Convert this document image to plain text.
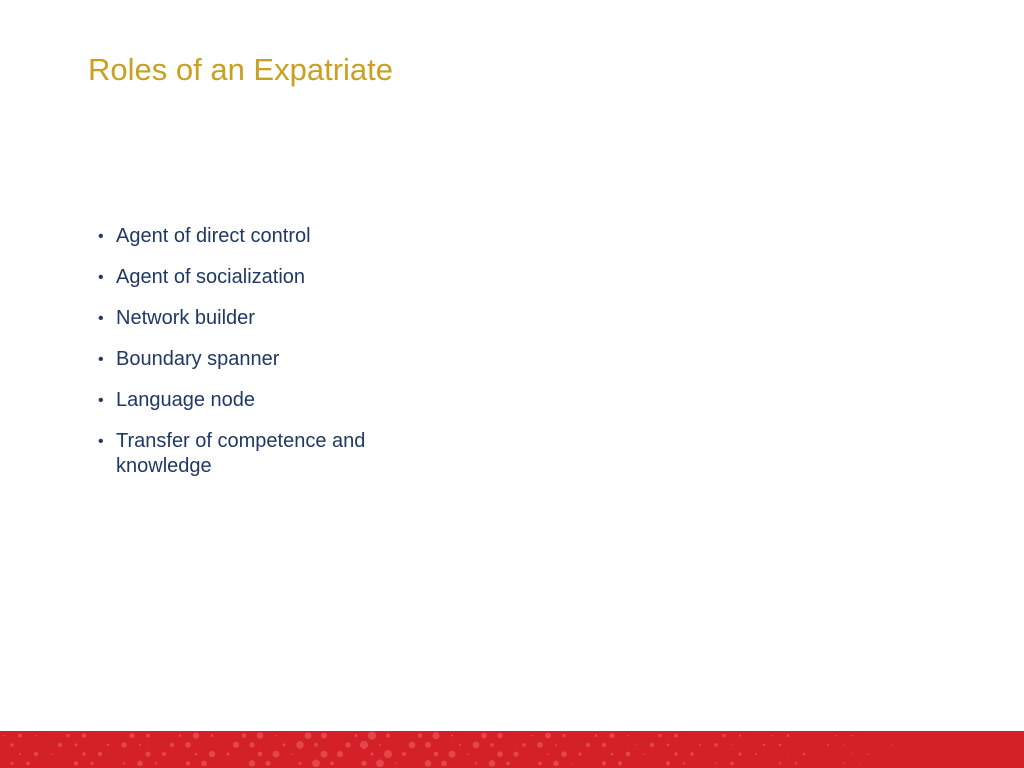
Roles of an Expatriate
• Agent of direct control
• Agent of socialization
• Network builder
• Boundary spanner
• Language node
• Transfer of competence and knowledge
